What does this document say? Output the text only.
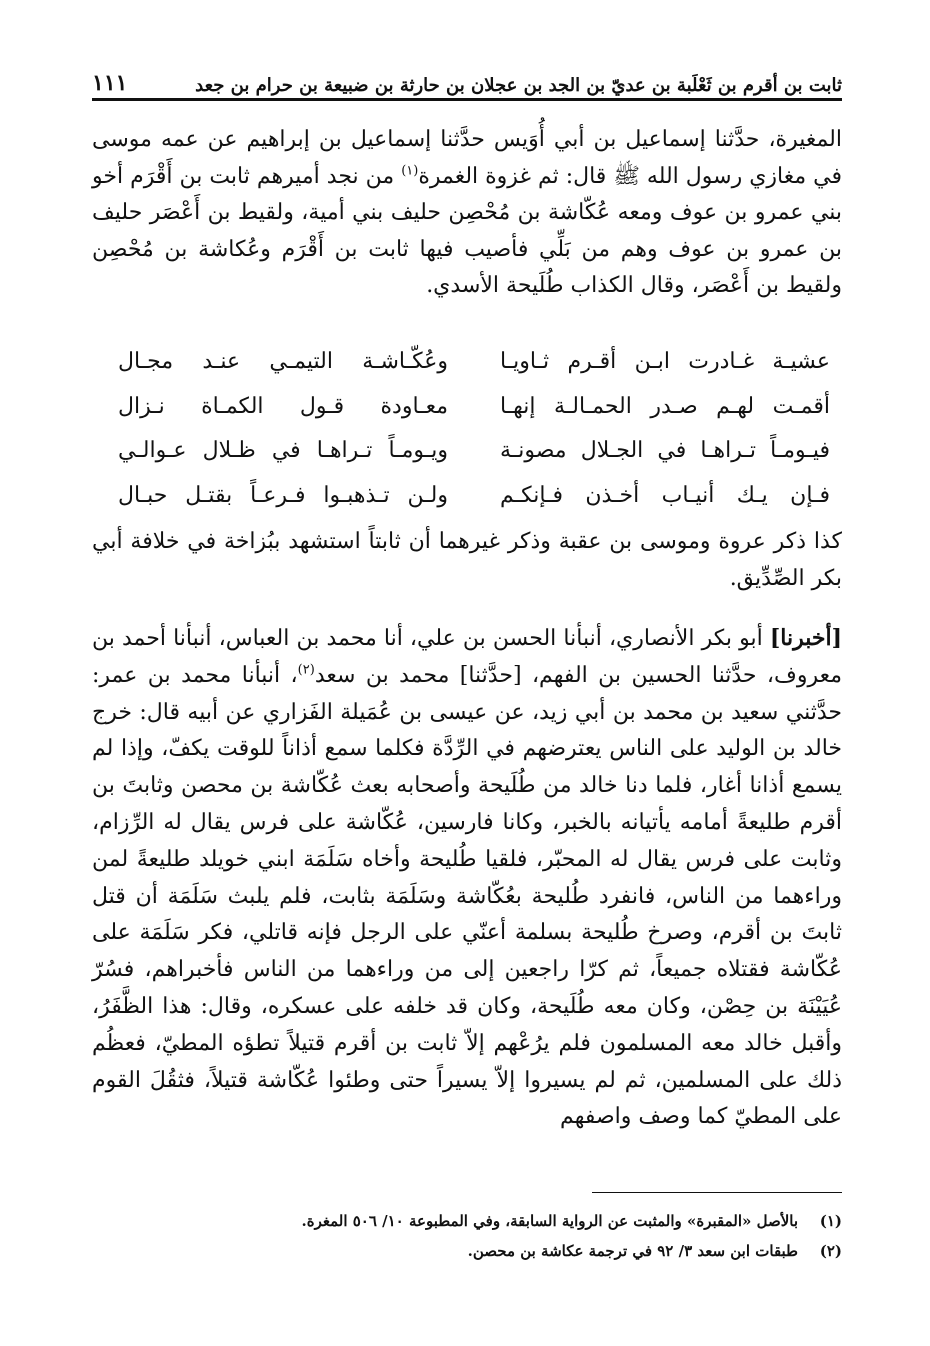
ثابت بن أقرم بن ثَعْلَبة بن عديّ بن الجد بن عجلان بن حارثة بن ضبيعة بن حرام بن جعد
١١١

المغيرة، حدَّثنا إسماعيل بن أبي أُوَيس حدَّثنا إسماعيل بن إبراهيم عن عمه موسى في مغازي رسول الله ﷺ قال: ثم غزوة الغمرة$^{(١)}$ من نجد أميرهم ثابت بن أَقْرَم أخو بني عمرو بن عوف ومعه عُكّاشة بن مُحْصِن حليف بني أمية، ولقيط بن أَعْصَر حليف بن عمرو بن عوف وهم من بَلِّي فأصيب فيها ثابت بن أَقْرَم وعُكاشة بن مُحْصِن ولقيط بن أَعْصَر، وقال الكذاب طُلَيحة الأسدي.

عشيـة غـادرت ابـن أقـرم ثـاويـا
وعُكّـاشـة التيمـي عنـد مجـال
أقمـت لهـم صـدر الحمـالـة إنهـا
معـاودة قـول الكمـاة نـزال
فيـومـاً تـراهـا في الجـلال مصونـة
ويـومـاً تـراهـا في ظـلال عـوالـي
فـإن يـك أنيـاب أخـذن فـإنكـم
ولـن تـذهبـوا فـرعـاً بقتـل حبـال

كذا ذكر عروة وموسى بن عقبة وذكر غيرهما أن ثابتاً استشهد ببُزاخة في خلافة أبي بكر الصِّدِّيق.

[أخبرنا] أبو بكر الأنصاري، أنبأنا الحسن بن علي، أنا محمد بن العباس، أنبأنا أحمد بن معروف، حدَّثنا الحسين بن الفهم، [حدَّثنا] محمد بن سعد$^{(٢)}$، أنبأنا محمد بن عمر: حدَّثني سعيد بن محمد بن أبي زيد، عن عيسى بن عُمَيلة الفَزاري عن أبيه قال: خرج خالد بن الوليد على الناس يعترضهم في الرِّدَّة فكلما سمع أذاناً للوقت يكفّ، وإذا لم يسمع أذانا أغار، فلما دنا خالد من طُلَيحة وأصحابه بعث عُكّاشة بن محصن وثابتَ بن أقرم طليعةً أمامه يأتيانه بالخبر، وكانا فارسين، عُكّاشة على فرس يقال له الرِّزام، وثابت على فرس يقال له المحبّر، فلقيا طُليحة وأخاه سَلَمَة ابني خويلد طليعةً لمن وراءهما من الناس، فانفرد طُليحة بعُكّاشة وسَلَمَة بثابت، فلم يلبث سَلَمَة أن قتل ثابتَ بن أقرم، وصرخ طُليحة بسلمة أعنّي على الرجل فإنه قاتلي، فكر سَلَمَة على عُكّاشة فقتلاه جميعاً، ثم كرّا راجعين إلى من وراءهما من الناس فأخبراهم، فسُرّ عُيَيْنَة بن حِصْن، وكان معه طُلَيحة، وكان قد خلفه على عسكره، وقال: هذا الظَّفَرُ، وأقبل خالد معه المسلمون فلم يرُعْهم إلاّ ثابت بن أقرم قتيلاً تطؤه المطيّ، فعظُم ذلك على المسلمين، ثم لم يسيروا إلاّ يسيراً حتى وطئوا عُكّاشة قتيلاً، فثقُلَ القوم على المطيّ كما وصف واصفهم

(١)
بالأصل «المقبرة» والمثبت عن الرواية السابقة، وفي المطبوعة ١٠/ ٥٠٦ المغرة.
(٢)
طبقات ابن سعد ٣/ ٩٢ في ترجمة عكاشة بن محصن.
